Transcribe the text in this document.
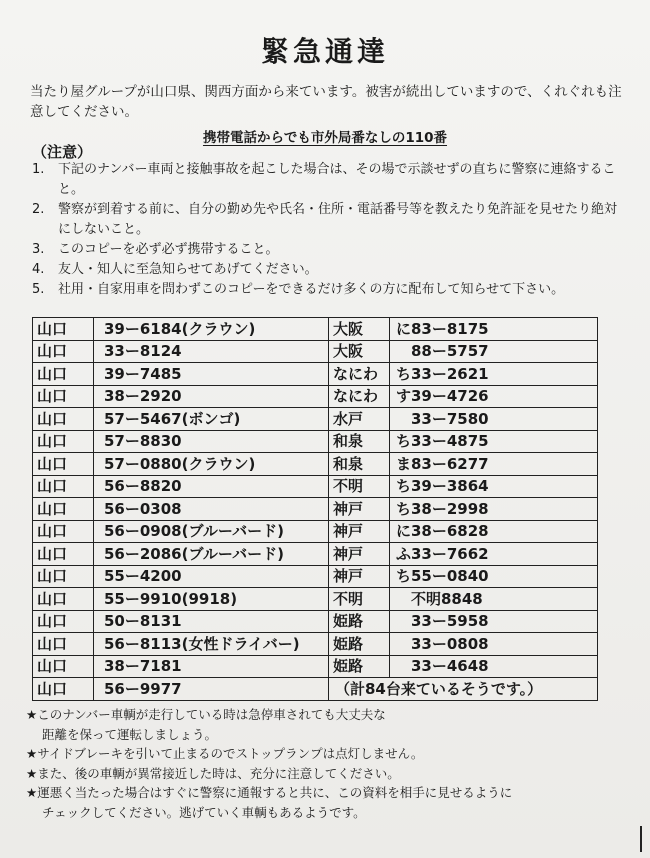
緊急通達
当たり屋グループが山口県、関西方面から来ています。被害が続出していますので、くれぐれも注意してください。
携帯電話からでも市外局番なしの110番
（注意）
1.	下記のナンバー車両と接触事故を起こした場合は、その場で示談せずの直ちに警察に連絡すること。
2.	警察が到着する前に、自分の勤め先や氏名・住所・電話番号等を教えたり免許証を見せたり絶対にしないこと。
3.	このコピーを必ず必ず携帯すること。
4.	友人・知人に至急知らせてあげてください。
5.	社用・自家用車を問わずこのコピーをできるだけ多くの方に配布して知らせて下さい。
山口	39ー6184(クラウン)	大阪	に83ー8175
山口	33ー8124	大阪	　88ー5757
山口	39ー7485	なにわ	ち33ー2621
山口	38ー2920	なにわ	す39ー4726
山口	57ー5467(ボンゴ)	水戸	　33ー7580
山口	57ー8830	和泉	ち33ー4875
山口	57ー0880(クラウン)	和泉	ま83ー6277
山口	56ー8820	不明	ち39ー3864
山口	56ー0308	神戸	ち38ー2998
山口	56ー0908(ブルーバード)	神戸	に38ー6828
山口	56ー2086(ブルーバード)	神戸	ふ33ー7662
山口	55ー4200	神戸	ち55ー0840
山口	55ー9910(9918)	不明	　不明8848
山口	50ー8131	姫路	　33ー5958
山口	56ー8113(女性ドライバー)	姫路	　33ー0808
山口	38ー7181	姫路	　33ー4648
山口	56ー9977	（計84台来ているそうです。）	
★このナンバー車輌が走行している時は急停車されても大丈夫な
距離を保って運転しましょう。
★サイドブレーキを引いて止まるのでストップランプは点灯しません。
★また、後の車輌が異常接近した時は、充分に注意してください。
★運悪く当たった場合はすぐに警察に通報すると共に、この資料を相手に見せるように
チェックしてください。逃げていく車輌もあるようです。
